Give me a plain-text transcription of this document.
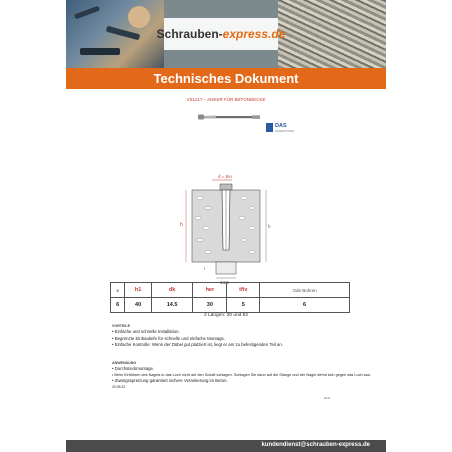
Schrauben-express.de
Technisches Dokument
VS1217 – ANKER FÜR BETONDECKE
DAS
ANKERSYSTEM
d = tnn
h	h
t
14,5
ø	h1	dk	her	tfiv	Ode Bohren
6	40	14.5	30	5	6
2 Längen: 30 und 62
VORTEILE
• Einfache und schnelle Installation.
• Begrenzte Einbautiefe für schnelle und einfache Montage.
• Einfache Kontrolle: Wenn der Dübel gut platziert ist, liegt er am zu befestigenden Teil an.
ANWENDUNG
• Durchsteckmontage.
• Beim Einführen des Nagels in das Loch nicht auf den Schaft schlagen. Schlagen Sie dann auf die Stange und der Nagel dehnt sich gegen das Loch aus.
• Zwangsspreizung garantiert sichere Verankerung im Beton.
20.05.22
HFN
kundendienst@schrauben-express.de
